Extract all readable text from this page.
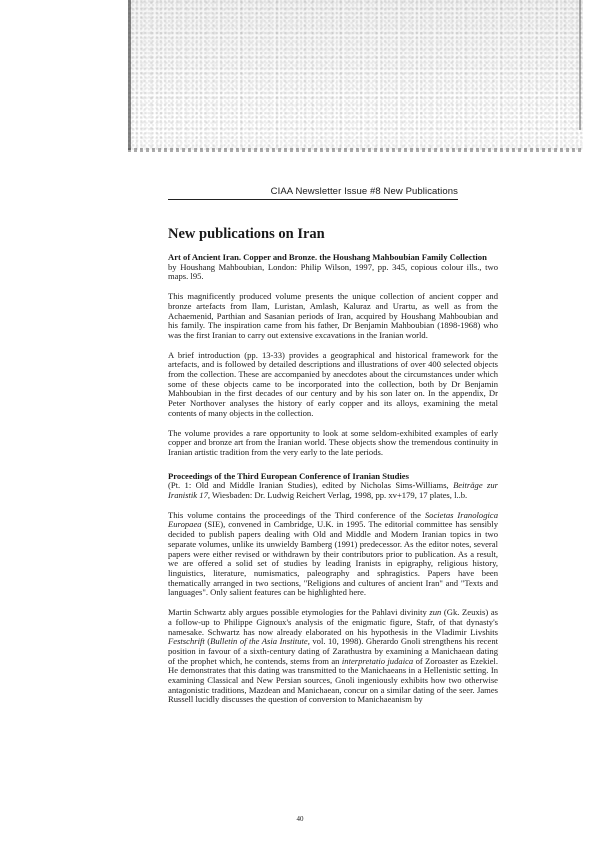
CIAA Newsletter Issue #8 New Publications
New publications on Iran

Art of Ancient Iran. Copper and Bronze. the Houshang Mahboubian Family Collection

by Houshang Mahboubian, London: Philip Wilson, 1997, pp. 345, copious colour ills., two maps. l95.

This magnificently produced volume presents the unique collection of ancient copper and bronze artefacts from Ilam, Luristan, Amlash, Kaluraz and Urartu, as well as from the Achaemenid, Parthian and Sasanian periods of Iran, acquired by Houshang Mahboubian and his family. The inspiration came from his father, Dr Benjamin Mahboubian (1898-1968) who was the first Iranian to carry out extensive excavations in the Iranian world.

A brief introduction (pp. 13-33) provides a geographical and historical framework for the artefacts, and is followed by detailed descriptions and illustrations of over 400 selected objects from the collection. These are accompanied by anecdotes about the circumstances under which some of these objects came to be incorporated into the collection, both by Dr Benjamin Mahboubian in the first decades of our century and by his son later on. In the appendix, Dr Peter Northover analyses the history of early copper and its alloys, examining the metal contents of many objects in the collection.

The volume provides a rare opportunity to look at some seldom-exhibited examples of early copper and bronze art from the Iranian world. These objects show the tremendous continuity in Iranian artistic tradition from the very early to the late periods.

Proceedings of the Third European Conference of Iranian Studies

(Pt. 1: Old and Middle Iranian Studies), edited by Nicholas Sims-Williams, Beiträge zur Iranistik 17, Wiesbaden: Dr. Ludwig Reichert Verlag, 1998, pp. xv+179, 17 plates, l..b.

This volume contains the proceedings of the Third conference of the Societas Iranologica Europaea (SIE), convened in Cambridge, U.K. in 1995. The editorial committee has sensibly decided to publish papers dealing with Old and Middle and Modern Iranian topics in two separate volumes, unlike its unwieldy Bamberg (1991) predecessor. As the editor notes, several papers were either revised or withdrawn by their contributors prior to publication. As a result, we are offered a solid set of studies by leading Iranists in epigraphy, religious history, linguistics, literature, numismatics, paleography and sphragistics. Papers have been thematically arranged in two sections, "Religions and cultures of ancient Iran" and "Texts and languages". Only salient features can be highlighted here.

Martin Schwartz ably argues possible etymologies for the Pahlavi divinity zun (Gk. Zeuxis) as a follow-up to Philippe Gignoux's analysis of the enigmatic figure, Stafr, of that dynasty's namesake. Schwartz has now already elaborated on his hypothesis in the Vladimir Livshits Festschrift (Bulletin of the Asia Institute, vol. 10, 1998). Gherardo Gnoli strengthens his recent position in favour of a sixth-century dating of Zarathustra by examining a Manichaean dating of the prophet which, he contends, stems from an interpretatio judaica of Zoroaster as Ezekiel. He demonstrates that this dating was transmitted to the Manichaeans in a Hellenistic setting. In examining Classical and New Persian sources, Gnoli ingeniously exhibits how two otherwise antagonistic traditions, Mazdean and Manichaean, concur on a similar dating of the seer. James Russell lucidly discusses the question of conversion to Manichaeanism by

40
